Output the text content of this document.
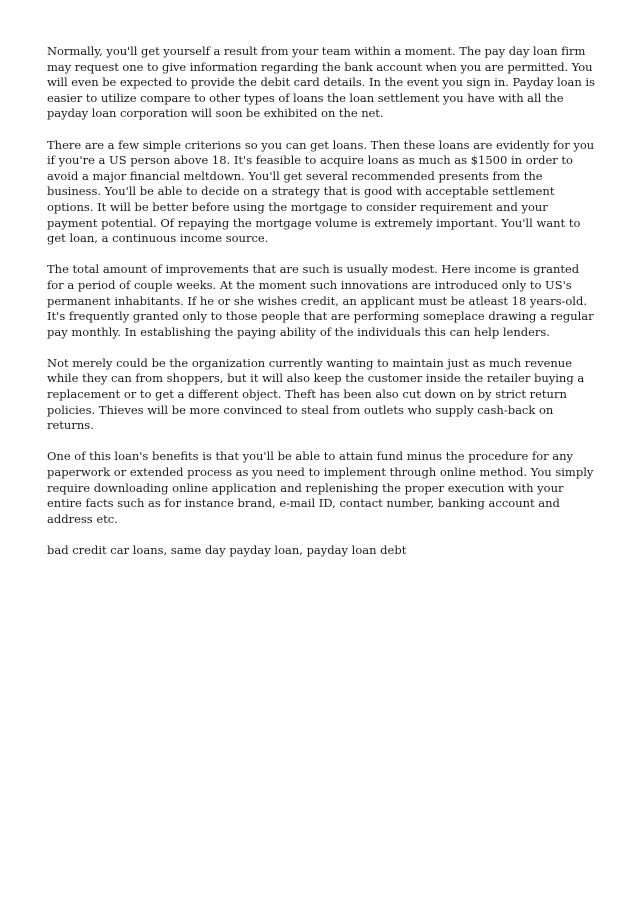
Normally, you'll get yourself a result from your team within a moment. The pay day loan firm may request one to give information regarding the bank account when you are permitted. You will even be expected to provide the debit card details. In the event you sign in. Payday loan is easier to utilize compare to other types of loans the loan settlement you have with all the payday loan corporation will soon be exhibited on the net.

There are a few simple criterions so you can get loans. Then these loans are evidently for you if you're a US person above 18. It's feasible to acquire loans as much as $1500 in order to avoid a major financial meltdown. You'll get several recommended presents from the business. You'll be able to decide on a strategy that is good with acceptable settlement options. It will be better before using the mortgage to consider requirement and your payment potential. Of repaying the mortgage volume is extremely important. You'll want to get loan, a continuous income source.

The total amount of improvements that are such is usually modest. Here income is granted for a period of couple weeks. At the moment such innovations are introduced only to US's permanent inhabitants. If he or she wishes credit, an applicant must be atleast 18 years-old. It's frequently granted only to those people that are performing someplace drawing a regular pay monthly. In establishing the paying ability of the individuals this can help lenders.

Not merely could be the organization currently wanting to maintain just as much revenue while they can from shoppers, but it will also keep the customer inside the retailer buying a replacement or to get a different object. Theft has been also cut down on by strict return policies. Thieves will be more convinced to steal from outlets who supply cash-back on returns.

One of this loan's benefits is that you'll be able to attain fund minus the procedure for any paperwork or extended process as you need to implement through online method. You simply require downloading online application and replenishing the proper execution with your entire facts such as for instance brand, e-mail ID, contact number, banking account and address etc.

bad credit car loans, same day payday loan, payday loan debt
